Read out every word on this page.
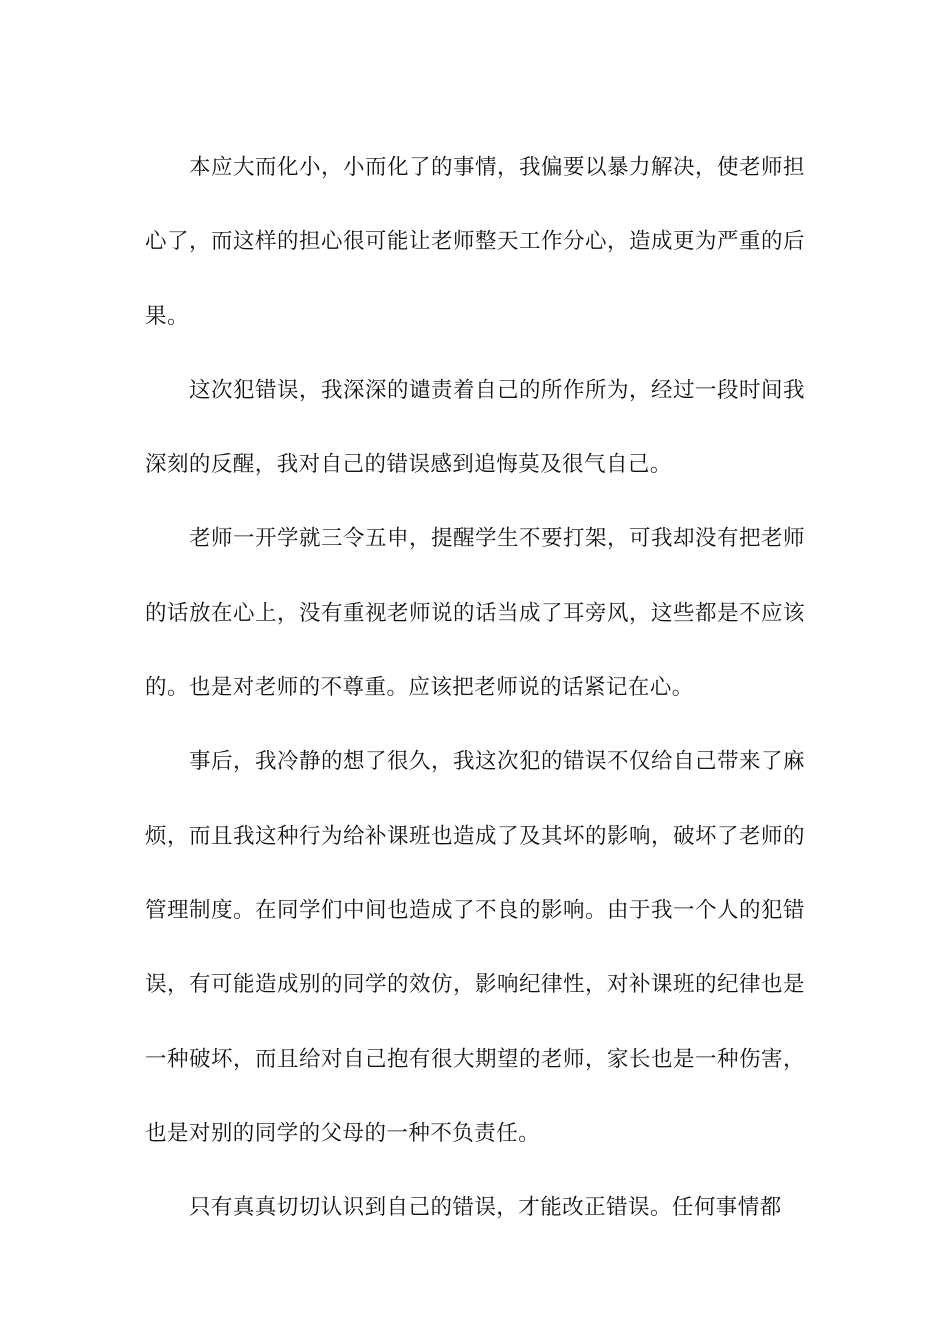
本应大而化小，小而化了的事情，我偏要以暴力解决，使老师担心了，而这样的担心很可能让老师整天工作分心，造成更为严重的后果。

这次犯错误，我深深的谴责着自己的所作所为，经过一段时间我深刻的反醒，我对自己的错误感到追悔莫及很气自己。

老师一开学就三令五申，提醒学生不要打架，可我却没有把老师的话放在心上，没有重视老师说的话当成了耳旁风，这些都是不应该的。也是对老师的不尊重。应该把老师说的话紧记在心。

事后，我冷静的想了很久，我这次犯的错误不仅给自己带来了麻烦，而且我这种行为给补课班也造成了及其坏的影响，破坏了老师的管理制度。在同学们中间也造成了不良的影响。由于我一个人的犯错误，有可能造成别的同学的效仿，影响纪律性，对补课班的纪律也是一种破坏，而且给对自己抱有很大期望的老师，家长也是一种伤害，也是对别的同学的父母的一种不负责任。

只有真真切切认识到自己的错误，才能改正错误。任何事情都
